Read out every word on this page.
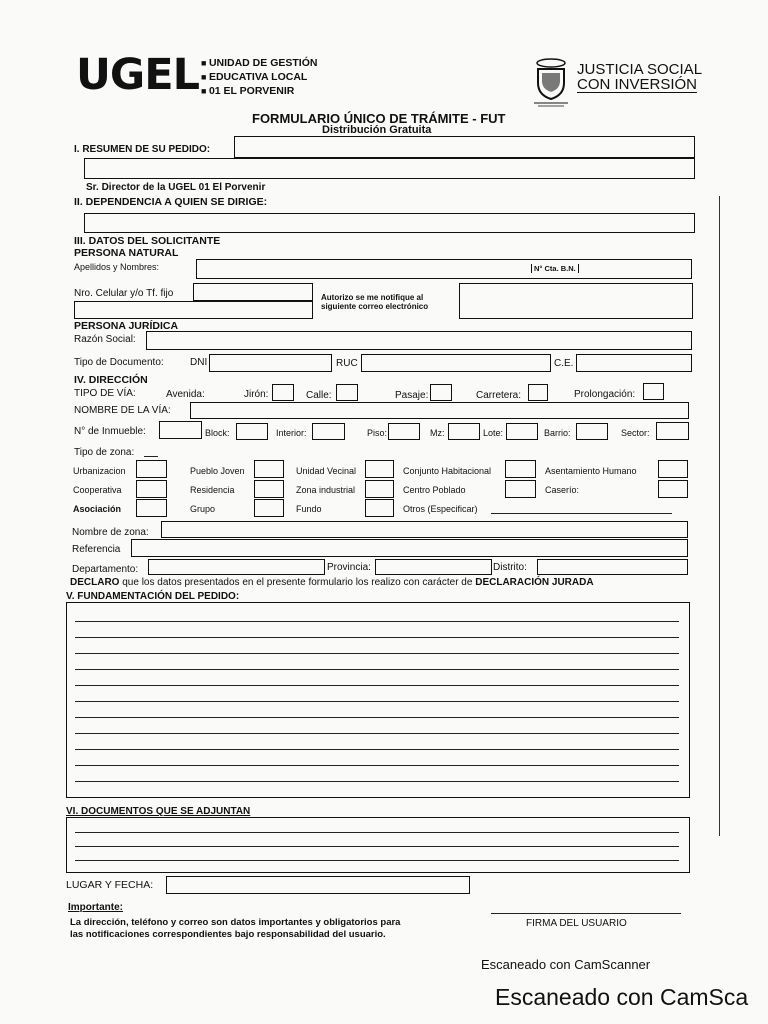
UGEL
■ UNIDAD DE GESTIÓN
■ EDUCATIVA LOCAL
■ 01 EL PORVENIR
JUSTICIA SOCIAL
CON INVERSIÓN
FORMULARIO ÚNICO DE TRÁMITE - FUT
Distribución Gratuita
I. RESUMEN DE SU PEDIDO:
Sr. Director de la UGEL 01 El Porvenir
II. DEPENDENCIA A QUIEN SE DIRIGE:
III. DATOS DEL SOLICITANTE
PERSONA NATURAL
Apellidos y Nombres:	N° Cta. B.N.
Nro. Celular y/o Tf. fijo	Autorizo se me notifique al
siguiente correo electrónico
PERSONA JURÍDICA
Razón Social:
Tipo de Documento:	DNI	RUC	C.E.
IV. DIRECCIÓN
TIPO DE VÍA:	Avenida:	Jirón:	Calle:	Pasaje:	Carretera:	Prolongación:
NOMBRE DE LA VÍA:
N° de Inmueble:	Block:	Interior:	Piso:	Mz:	Lote:	Barrio:	Sector:
Tipo de zona:
Urbanizacion	Pueblo Joven	Unidad Vecinal	Conjunto Habitacional	Asentamiento Humano
Cooperativa	Residencia	Zona industrial	Centro Poblado	Caserío:
Asociación	Grupo	Fundo	Otros (Especificar)
Nombre de zona:
Referencia
Departamento:	Provincia:	Distrito:
DECLARO que los datos presentados en el presente formulario los realizo con carácter de DECLARACIÓN JURADA
V. FUNDAMENTACIÓN DEL PEDIDO:
VI. DOCUMENTOS QUE SE ADJUNTAN
LUGAR Y FECHA:
Importante:
La dirección, teléfono y correo son datos importantes y obligatorios para
las notificaciones correspondientes bajo responsabilidad del usuario.
FIRMA DEL USUARIO
Escaneado con CamScanner
Escaneado con CamSca
